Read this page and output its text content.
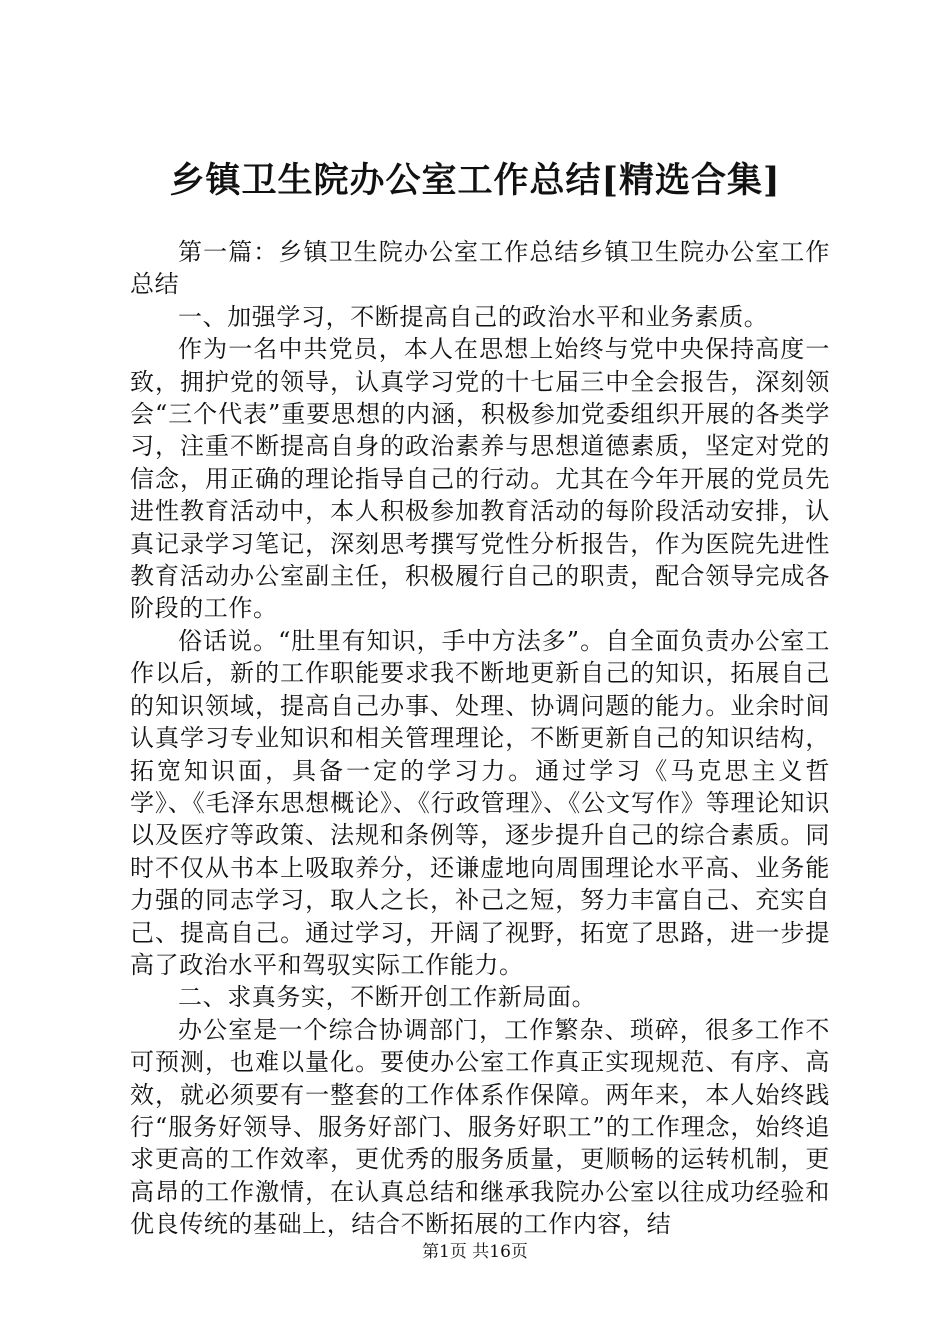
乡镇卫生院办公室工作总结[精选合集]

第一篇：乡镇卫生院办公室工作总结乡镇卫生院办公室工作总结

一、加强学习，不断提高自己的政治水平和业务素质。

作为一名中共党员，本人在思想上始终与党中央保持高度一致，拥护党的领导，认真学习党的十七届三中全会报告，深刻领会“三个代表”重要思想的内涵，积极参加党委组织开展的各类学习，注重不断提高自身的政治素养与思想道德素质，坚定对党的信念，用正确的理论指导自己的行动。尤其在今年开展的党员先进性教育活动中，本人积极参加教育活动的每阶段活动安排，认真记录学习笔记，深刻思考撰写党性分析报告，作为医院先进性教育活动办公室副主任，积极履行自己的职责，配合领导完成各阶段的工作。

俗话说。“肚里有知识，手中方法多”。自全面负责办公室工作以后，新的工作职能要求我不断地更新自己的知识，拓展自己的知识领域，提高自己办事、处理、协调问题的能力。业余时间认真学习专业知识和相关管理理论，不断更新自己的知识结构，拓宽知识面，具备一定的学习力。通过学习《马克思主义哲学》、《毛泽东思想概论》、《行政管理》、《公文写作》等理论知识以及医疗等政策、法规和条例等，逐步提升自己的综合素质。同时不仅从书本上吸取养分，还谦虚地向周围理论水平高、业务能力强的同志学习，取人之长，补己之短，努力丰富自己、充实自己、提高自己。通过学习，开阔了视野，拓宽了思路，进一步提高了政治水平和驾驭实际工作能力。

二、求真务实，不断开创工作新局面。

办公室是一个综合协调部门，工作繁杂、琐碎，很多工作不可预测，也难以量化。要使办公室工作真正实现规范、有序、高效，就必须要有一整套的工作体系作保障。两年来，本人始终践行“服务好领导、服务好部门、服务好职工”的工作理念，始终追求更高的工作效率，更优秀的服务质量，更顺畅的运转机制，更高昂的工作激情，在认真总结和继承我院办公室以往成功经验和优良传统的基础上，结合不断拓展的工作内容，结

第1页 共16页
